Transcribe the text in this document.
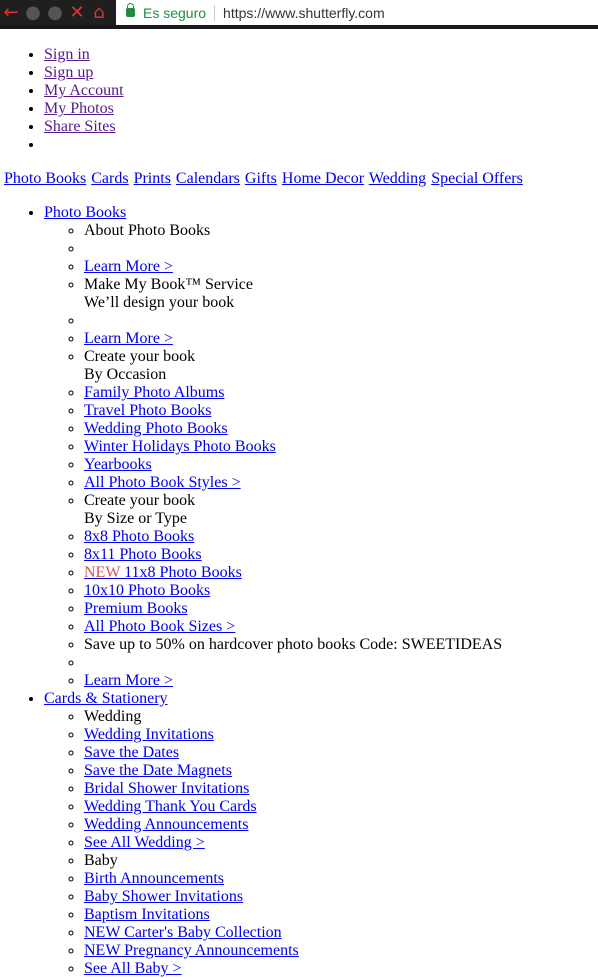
← ● ● ✕ ⌂	Es seguro https://www.shutterfly.com
• Sign in
• Sign up
• My Account
• My Photos
• Share Sites
•
Photo Books Cards Prints Calendars Gifts Home Decor Wedding Special Offers
• Photo Books
◦ About Photo Books
◦
◦ Learn More >
◦ Make My Book™ Service
We’ll design your book
◦
◦ Learn More >
◦ Create your book
By Occasion
◦ Family Photo Albums
◦ Travel Photo Books
◦ Wedding Photo Books
◦ Winter Holidays Photo Books
◦ Yearbooks
◦ All Photo Book Styles >
◦ Create your book
By Size or Type
◦ 8x8 Photo Books
◦ 8x11 Photo Books
◦ NEW 11x8 Photo Books
◦ 10x10 Photo Books
◦ Premium Books
◦ All Photo Book Sizes >
◦ Save up to 50% on hardcover photo books Code: SWEETIDEAS
◦
◦ Learn More >
• Cards & Stationery
◦ Wedding
◦ Wedding Invitations
◦ Save the Dates
◦ Save the Date Magnets
◦ Bridal Shower Invitations
◦ Wedding Thank You Cards
◦ Wedding Announcements
◦ See All Wedding >
◦ Baby
◦ Birth Announcements
◦ Baby Shower Invitations
◦ Baptism Invitations
◦ NEW Carter's Baby Collection
◦ NEW Pregnancy Announcements
◦ See All Baby >
